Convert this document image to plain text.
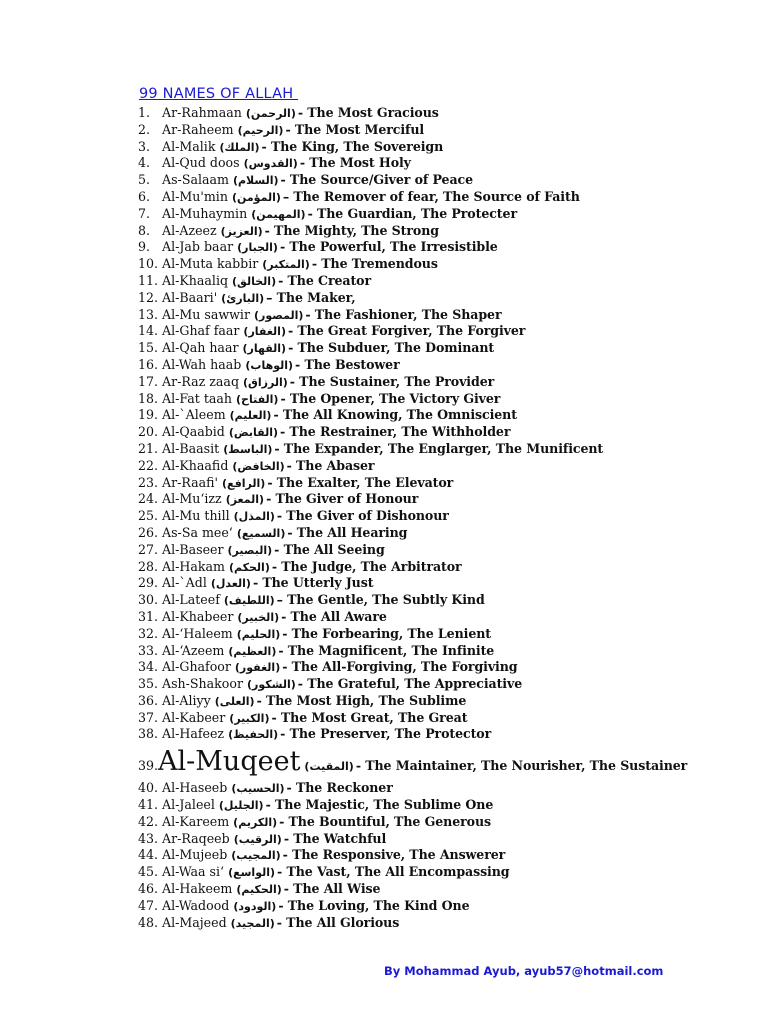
99 NAMES OF ALLAH
1. Ar-Rahmaan (الرحمن) - The Most Gracious
2. Ar-Raheem (الرحيم) - The Most Merciful
3. Al-Malik (الملك) - The King, The Sovereign
4. Al-Qud doos (القدوس) - The Most Holy
5. As-Salaam (السلام) - The Source/Giver of Peace
6. Al-Mu'min (المؤمن) – The Remover of fear, The Source of Faith
7. Al-Muhaymin (المهيمن) - The Guardian, The Protecter
8. Al-Azeez (العزيز) - The Mighty, The Strong
9. Al-Jab baar (الجبار) - The Powerful, The Irresistible
10. Al-Muta kabbir (المتكبر) - The Tremendous
11. Al-Khaaliq (الخالق) - The Creator
12. Al-Baari' (البارئ) – The Maker,
13. Al-Mu sawwir (المصور) - The Fashioner, The Shaper
14. Al-Ghaf faar (الغفار) - The Great Forgiver, The Forgiver
15. Al-Qah haar (القهار) - The Subduer, The Dominant
16. Al-Wah haab (الوهاب) - The Bestower
17. Ar-Raz zaaq (الرزاق) - The Sustainer, The Provider
18. Al-Fat taah (الفتاح) - The Opener, The Victory Giver
19. Al-`Aleem (العليم) - The All Knowing, The Omniscient
20. Al-Qaabid (القابض) - The Restrainer, The Withholder
21. Al-Baasit (الباسط) - The Expander, The Englarger, The Munificent
22. Al-Khaafid (الخافض) - The Abaser
23. Ar-Raafi' (الرافع) - The Exalter, The Elevator
24. Al-Mu‘izz (المعز) - The Giver of Honour
25. Al-Mu thill (المذل) - The Giver of Dishonour
26. As-Sa mee‘ (السميع) - The All Hearing
27. Al-Baseer (البصير) - The All Seeing
28. Al-Hakam (الحكم) - The Judge, The Arbitrator
29. Al-`Adl (العدل) - The Utterly Just
30. Al-Lateef (اللطيف) – The Gentle, The Subtly Kind
31. Al-Khabeer (الخبير) - The All Aware
32. Al-‘Haleem (الحليم) - The Forbearing, The Lenient
33. Al-‘Azeem (العظيم) - The Magnificent, The Infinite
34. Al-Ghafoor (الغفور) - The All-Forgiving, The Forgiving
35. Ash-Shakoor (الشكور) - The Grateful, The Appreciative
36. Al-Aliyy (العلى) - The Most High, The Sublime
37. Al-Kabeer (الكبير) - The Most Great, The Great
38. Al-Hafeez (الحفيظ) - The Preserver, The Protector
39. Al-Muqeet (المقيت) - The Maintainer, The Nourisher, The Sustainer
40. Al-Haseeb (الحسيب) - The Reckoner
41. Al-Jaleel (الجليل) - The Majestic, The Sublime One
42. Al-Kareem (الكريم) - The Bountiful, The Generous
43. Ar-Raqeeb (الرقيب) - The Watchful
44. Al-Mujeeb (المجيب) - The Responsive, The Answerer
45. Al-Waa si‘ (الواسع) - The Vast, The All Encompassing
46. Al-Hakeem (الحكيم) - The All Wise
47. Al-Wadood (الودود) - The Loving, The Kind One
48. Al-Majeed (المجيد) - The All Glorious
By Mohammad Ayub, ayub57@hotmail.com
